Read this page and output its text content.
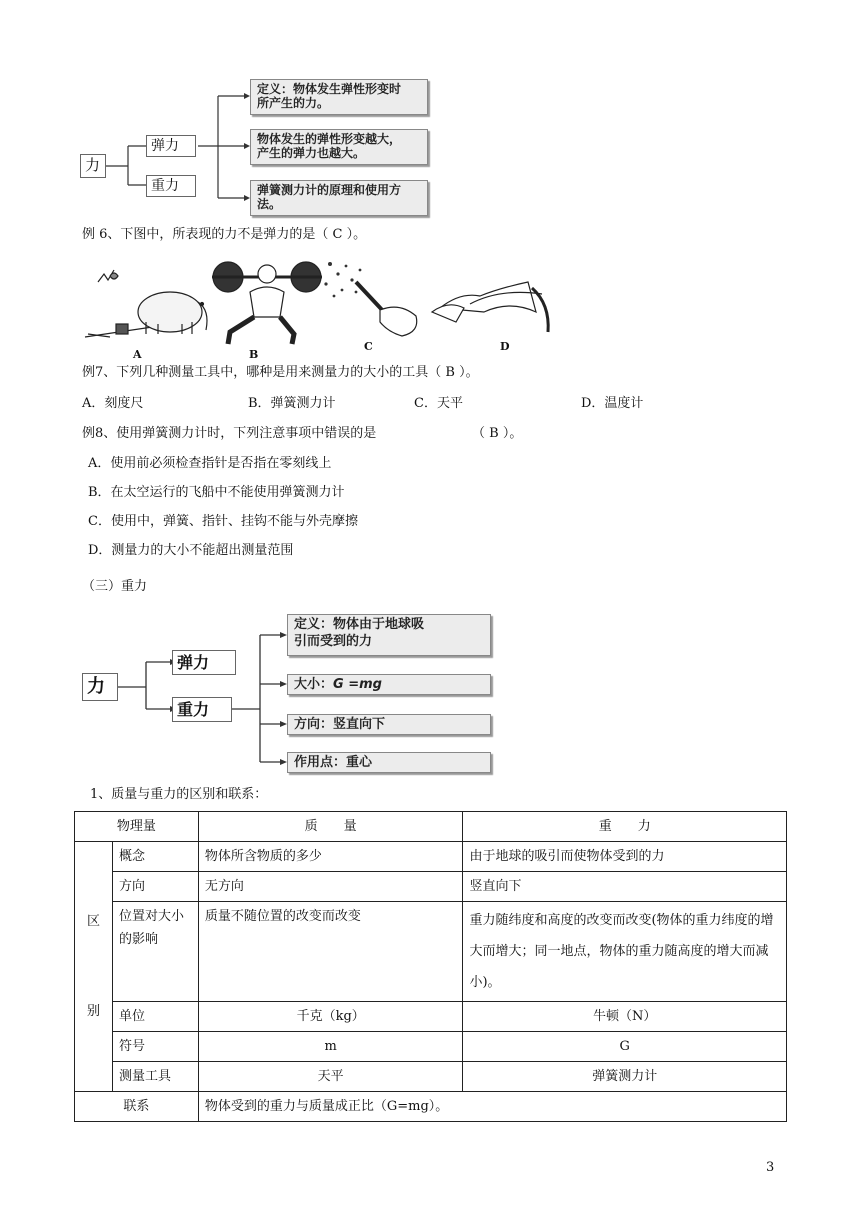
力
弹力
重力
定义：物体发生弹性形变时
所产生的力。
物体发生的弹性形变越大，
产生的弹力也越大。
弹簧测力计的原理和使用方
法。
例 6、下图中，所表现的力不是弹力的是（ C ）。
A	B
C	D
例7、下列几种测量工具中，哪种是用来测量力的大小的工具（ B ）。
A．刻度尺	B．弹簧测力计	C．天平	D．温度计
例8、使用弹簧测力计时，下列注意事项中错误的是	（ B ）。
A．使用前必须检查指针是否指在零刻线上
B．在太空运行的飞船中不能使用弹簧测力计
C．使用中，弹簧、指针、挂钩不能与外壳摩擦
D．测量力的大小不能超出测量范围
（三）重力
力
弹力
重力
定义：物体由于地球吸
引而受到的力
大小：G =mg
方向：竖直向下
作用点：重心
1、质量与重力的区别和联系：
物理量		质　　量	重　　力

区
别	概念	物体所含物质的多少	由于地球的吸引而使物体受到的力
	方向	无方向	竖直向下
	位置对大小的影响	质量不随位置的改变而改变	重力随纬度和高度的改变而改变(物体的重力纬度的增大而增大；同一地点，物体的重力随高度的增大而减小)。
	单位	千克（kg）	牛顿（N）
	符号	m	G
	测量工具	天平	弹簧测力计
联系		物体受到的重力与质量成正比（G=mg）。	
3
